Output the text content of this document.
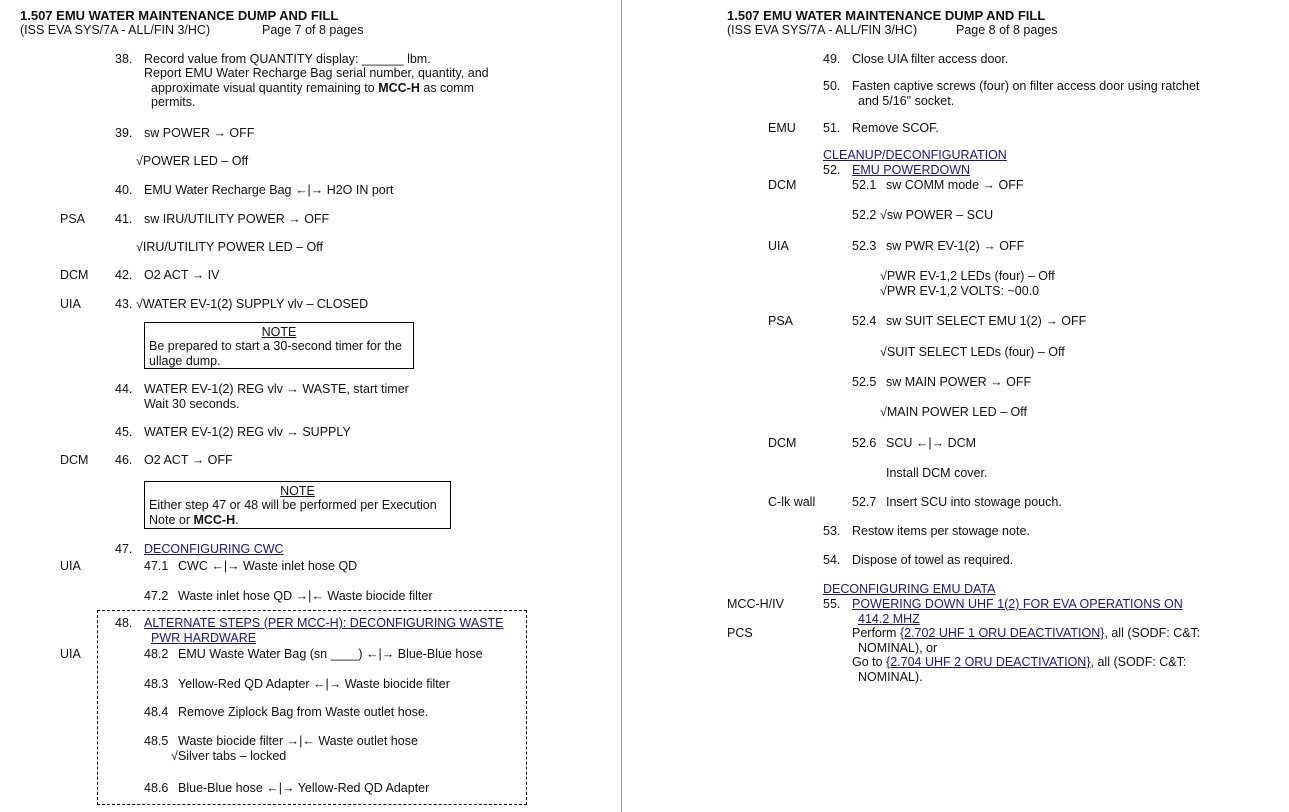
1.507 EMU WATER MAINTENANCE DUMP AND FILL
(ISS EVA SYS/7A - ALL/FIN 3/HC)	Page 7 of 8 pages
38. Record value from QUANTITY display: ______ lbm.
Report EMU Water Recharge Bag serial number, quantity, and
approximate visual quantity remaining to MCC-H as comm
permits.
39. sw POWER → OFF
√POWER LED – Off
40. EMU Water Recharge Bag ←|→ H2O IN port
PSA 41. sw IRU/UTILITY POWER → OFF
√IRU/UTILITY POWER LED – Off
DCM 42. O2 ACT → IV
UIA	43. √WATER EV-1(2) SUPPLY vlv – CLOSED
NOTE
Be prepared to start a 30-second timer for the
ullage dump.
44. WATER EV-1(2) REG vlv → WASTE, start timer
Wait 30 seconds.
45. WATER EV-1(2) REG vlv → SUPPLY
DCM 46. O2 ACT → OFF
NOTE
Either step 47 or 48 will be performed per Execution
Note or MCC-H.
47. DECONFIGURING CWC
UIA	47.1 CWC ←|→ Waste inlet hose QD
47.2 Waste inlet hose QD →|← Waste biocide filter
48. ALTERNATE STEPS (PER MCC-H): DECONFIGURING WASTE
PWR HARDWARE
UIA	48.2 EMU Waste Water Bag (sn ____) ←|→ Blue-Blue hose
48.3 Yellow-Red QD Adapter ←|→ Waste biocide filter
48.4 Remove Ziplock Bag from Waste outlet hose.
48.5 Waste biocide filter →|← Waste outlet hose
√Silver tabs – locked
48.6 Blue-Blue hose ←|→ Yellow-Red QD Adapter
1.507 EMU WATER MAINTENANCE DUMP AND FILL
(ISS EVA SYS/7A - ALL/FIN 3/HC)	Page 8 of 8 pages
49. Close UIA filter access door.
50. Fasten captive screws (four) on filter access door using ratchet
and 5/16" socket.
EMU 51. Remove SCOF.
CLEANUP/DECONFIGURATION
52. EMU POWERDOWN
DCM	52.1 sw COMM mode → OFF
52.2 √sw POWER – SCU
UIA	52.3 sw PWR EV-1(2) → OFF
√PWR EV-1,2 LEDs (four) – Off
√PWR EV-1,2 VOLTS: ~00.0
PSA	52.4 sw SUIT SELECT EMU 1(2) → OFF
√SUIT SELECT LEDs (four) – Off
52.5 sw MAIN POWER → OFF
√MAIN POWER LED – Off
DCM	52.6 SCU ←|→ DCM
Install DCM cover.
C-lk wall	52.7 Insert SCU into stowage pouch.
53. Restow items per stowage note.
54. Dispose of towel as required.
DECONFIGURING EMU DATA
MCC-H/IV	55. POWERING DOWN UHF 1(2) FOR EVA OPERATIONS ON
414.2 MHZ
PCS	Perform {2.702 UHF 1 ORU DEACTIVATION}, all (SODF: C&T:
NOMINAL), or
Go to {2.704 UHF 2 ORU DEACTIVATION}, all (SODF: C&T:
NOMINAL).
